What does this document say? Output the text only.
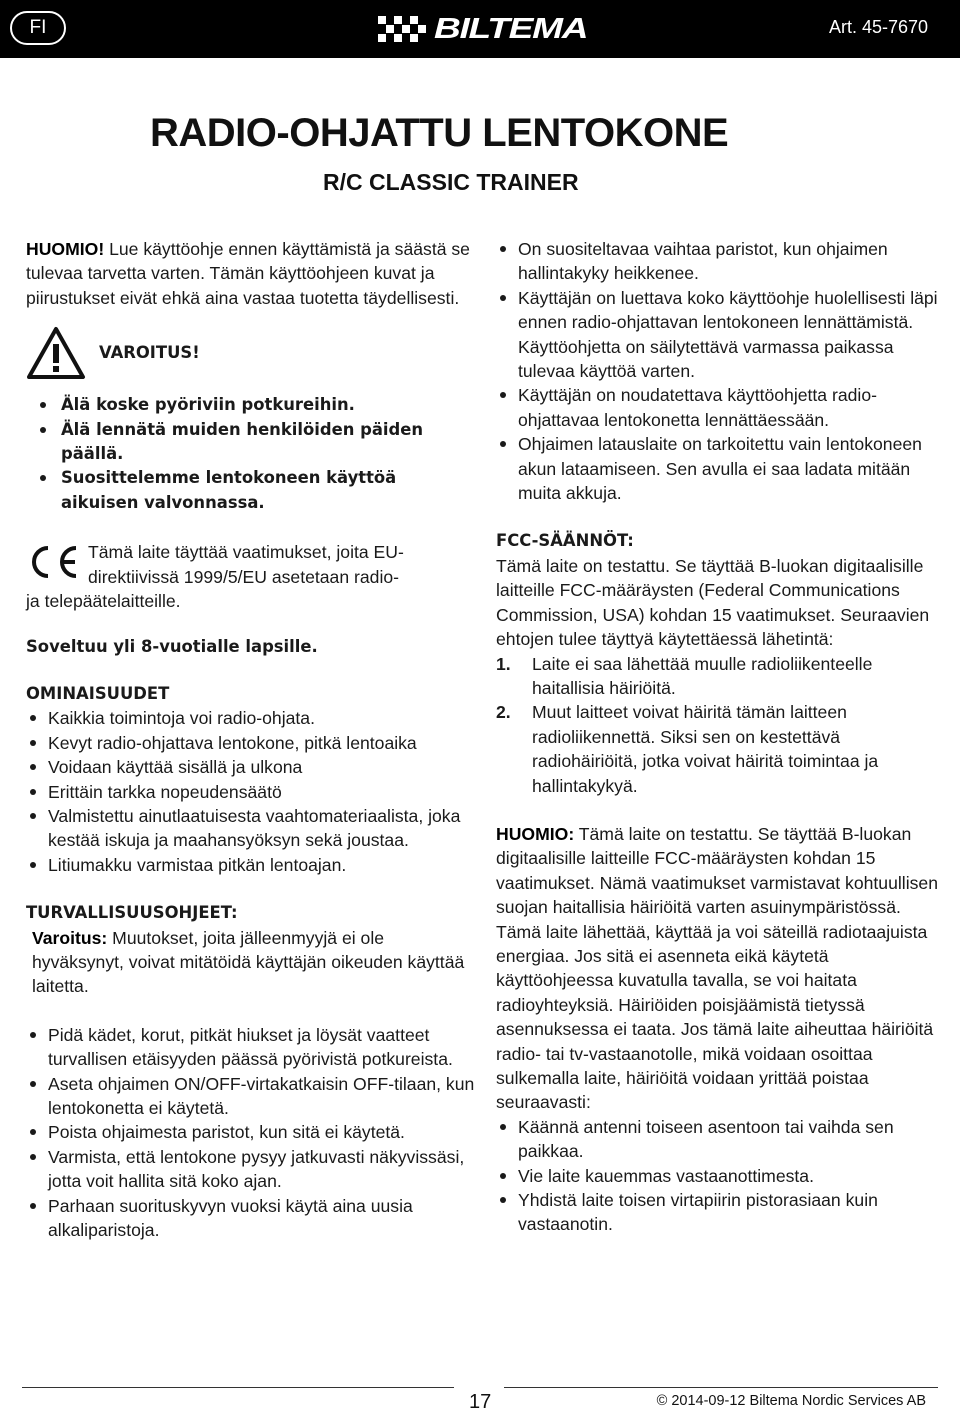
FI	BILTEMA	Art. 45-7670
RADIO-OHJATTU LENTOKONE
R/C CLASSIC TRAINER

HUOMIO! Lue käyttöohje ennen käyttämistä ja säästä se tulevaa tarvetta varten. Tämän käyttöohjeen kuvat ja piirustukset eivät ehkä aina vastaa tuotetta täydellisesti.

VAROITUS!
Älä koske pyöriviin potkureihin.
Älä lennätä muiden henkilöiden päiden päällä.
Suosittelemme lentokoneen käyttöä aikuisen valvonnassa.

Tämä laite täyttää vaatimukset, joita EU-

direktiivissä 1999/5/EU asetetaan radio-

ja telepäätelaitteille.

Soveltuu yli 8-vuotialle lapsille.

OMINAISUUDET

Kaikkia toimintoja voi radio-ohjata.
Kevyt radio-ohjattava lentokone, pitkä lentoaika
Voidaan käyttää sisällä ja ulkona
Erittäin tarkka nopeudensäätö
Valmistettu ainutlaatuisesta vaahtomateriaalista, joka kestää iskuja ja maahansyöksyn sekä joustaa.
Litiumakku varmistaa pitkän lentoajan.

TURVALLISUUSOHJEET:

Varoitus: Muutokset, joita jälleenmyyjä ei ole hyväksynyt, voivat mitätöidä käyttäjän oikeuden käyttää laitetta.

Pidä kädet, korut, pitkät hiukset ja löysät vaatteet turvallisen etäisyyden päässä pyörivistä potkureista.
Aseta ohjaimen ON/OFF-virtakatkaisin OFF-tilaan, kun lentokonetta ei käytetä.
Poista ohjaimesta paristot, kun sitä ei käytetä.
Varmista, että lentokone pysyy jatkuvasti näkyvissäsi, jotta voit hallita sitä koko ajan.
Parhaan suorituskyvyn vuoksi käytä aina uusia alkaliparistoja.
On suositeltavaa vaihtaa paristot, kun ohjaimen hallintakyky heikkenee.
Käyttäjän on luettava koko käyttöohje huolellisesti läpi ennen radio-ohjattavan lentokoneen lennättämistä. Käyttöohjetta on säilytettävä varmassa paikassa tulevaa käyttöä varten.
Käyttäjän on noudatettava käyttöohjetta radio-ohjattavaa lentokonetta lennättäessään.
Ohjaimen latauslaite on tarkoitettu vain lentokoneen akun lataamiseen. Sen avulla ei saa ladata mitään muita akkuja.

FCC-SÄÄNNÖT:

Tämä laite on testattu. Se täyttää B-luokan digitaalisille laitteille FCC-määräysten (Federal Communications Commission, USA) kohdan 15 vaatimukset. Seuraavien ehtojen tulee täyttyä käytettäessä lähetintä:

1. Laite ei saa lähettää muulle radioliikenteelle haitallisia häiriöitä.
2. Muut laitteet voivat häiritä tämän laitteen radioliikennettä. Siksi sen on kestettävä radiohäiriöitä, jotka voivat häiritä toimintaa ja hallintakykyä.

HUOMIO: Tämä laite on testattu. Se täyttää B-luokan digitaalisille laitteille FCC-määräysten kohdan 15 vaatimukset. Nämä vaatimukset varmistavat kohtuullisen suojan haitallisia häiriöitä varten asuinympäristössä. Tämä laite lähettää, käyttää ja voi säteillä radiotaajuista energiaa. Jos sitä ei asenneta eikä käytetä käyttöohjeessa kuvatulla tavalla, se voi haitata radioyhteyksiä. Häiriöiden poisjäämistä tietyssä asennuksessa ei taata. Jos tämä laite aiheuttaa häiriöitä radio- tai tv-vastaanotolle, mikä voidaan osoittaa sulkemalla laite, häiriöitä voidaan yrittää poistaa seuraavasti:

Käännä antenni toiseen asentoon tai vaihda sen paikkaa.
Vie laite kauemmas vastaanottimesta.
Yhdistä laite toisen virtapiirin pistorasiaan kuin vastaanotin.
17	© 2014-09-12 Biltema Nordic Services AB
